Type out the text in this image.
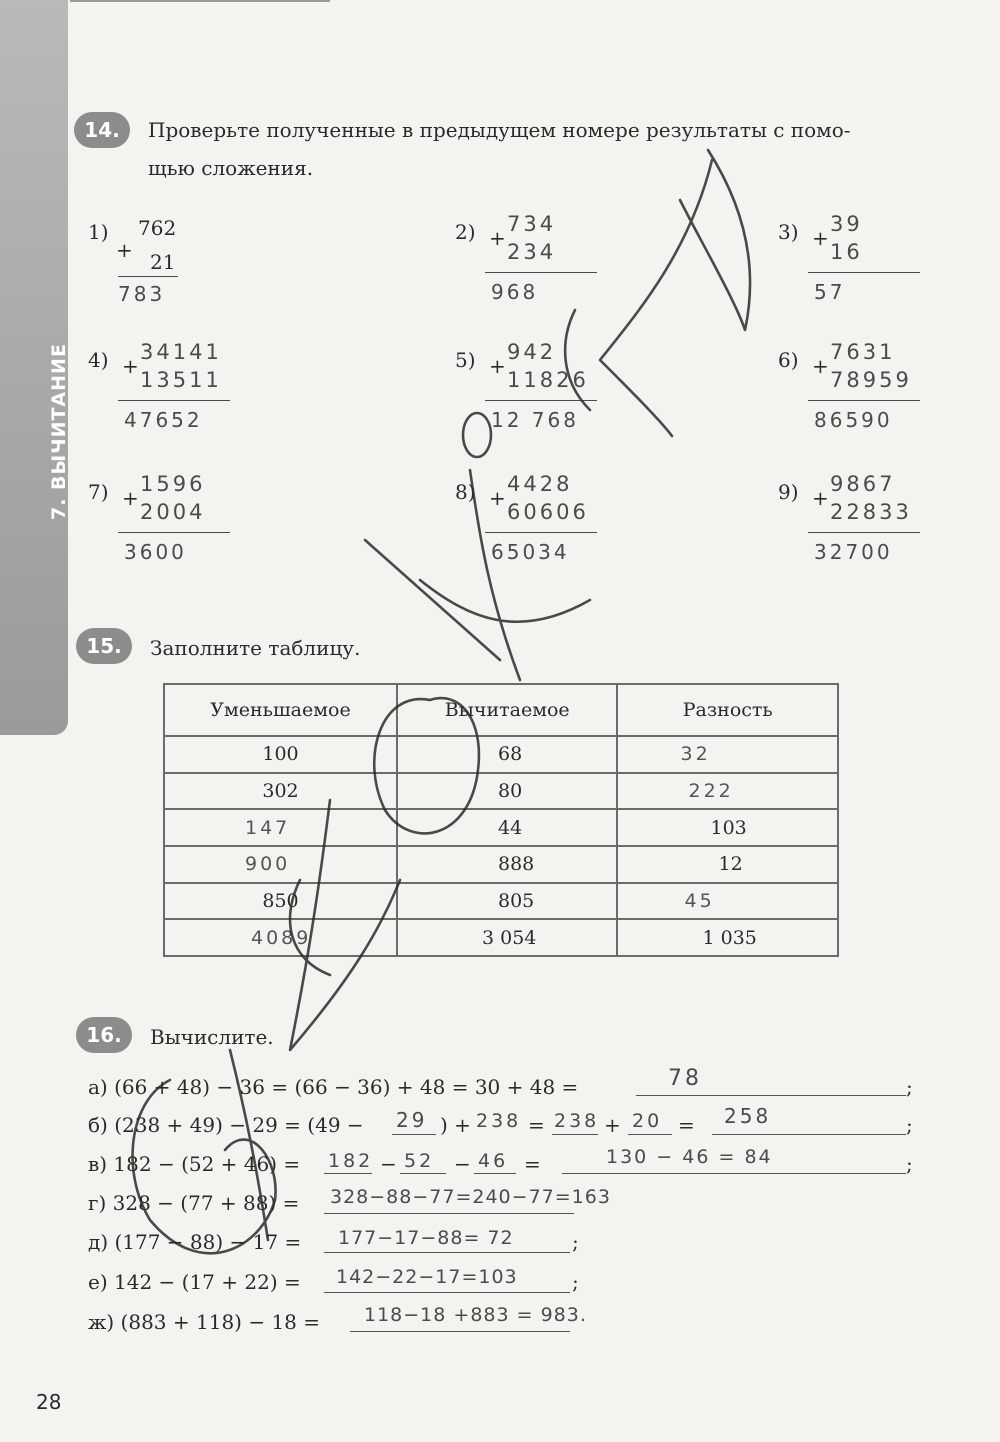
7. ВЫЧИТАНИЕ
14.	Проверьте полученные в предыдущем номере результаты с помо-
щью сложения.
1)
+
762
21
783
2) +
734
234
968
3) +
39
16
57
4) +
34141
13511
47652
5) +
942
11826
12 768
6) +
7631
78959
86590
7) +
1596
2004
3600
8) +
4428
60606
65034
9) +
9867
22833
32700
15.	Заполните таблицу.
Уменьшаемое	Вычитаемое	Разность
100	68	32
302	80	222
147	44	103
900	888	12
850	805	45
4089	3 054	1 035
16.	Вычислите.
а) (66 + 48) − 36 = (66 − 36) + 48 = 30 + 48 =	78	;
б) (238 + 49) − 29 = (49 − 29 ) + 238 = 238 + 20 = 258	;
в) 182 − (52 + 46) = 182 − 52 − 46 =	130 − 46 = 84	;
г) 328 − (77 + 88) = 328−88−77=240−77=163
д) (177 − 88) − 17 = 177−17−88= 72	;
е) 142 − (17 + 22) = 142−22−17=103	;
ж) (883 + 118) − 18 = 118−18 +883 = 983.
28
